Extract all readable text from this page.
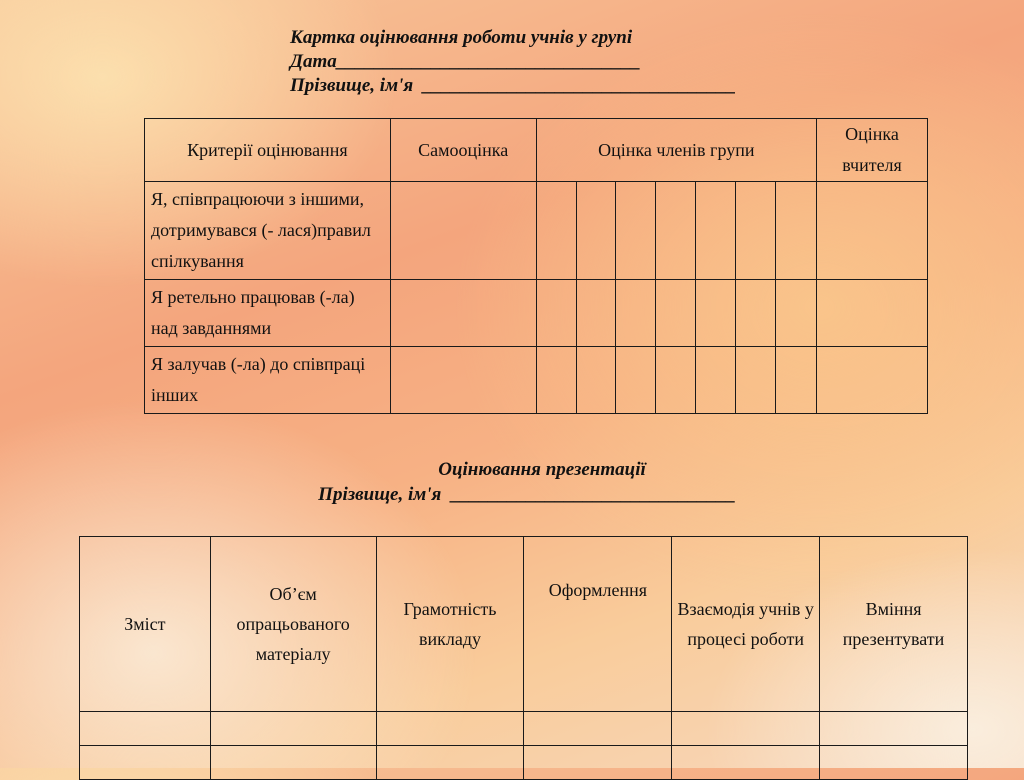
Картка оцінювання роботи учнів у групі
Дата________________________________
Прізвище, ім'я  _________________________________
Критерії оцінювання	Самооцінка	Оцінка членів групи							Оцінка вчителя
Я, співпрацюючи з іншими, дотримувався (- лася)правил спілкування									
Я ретельно працював (-ла) над завданнями									
Я залучав (-ла) до співпраці інших									
Оцінювання презентації
Прізвище, ім'я  ______________________________
Зміст	Об’єм опрацьованого матеріалу	Грамотність викладу	Оформлення	Взаємодія учнів у процесі роботи	Вміння презентувати
